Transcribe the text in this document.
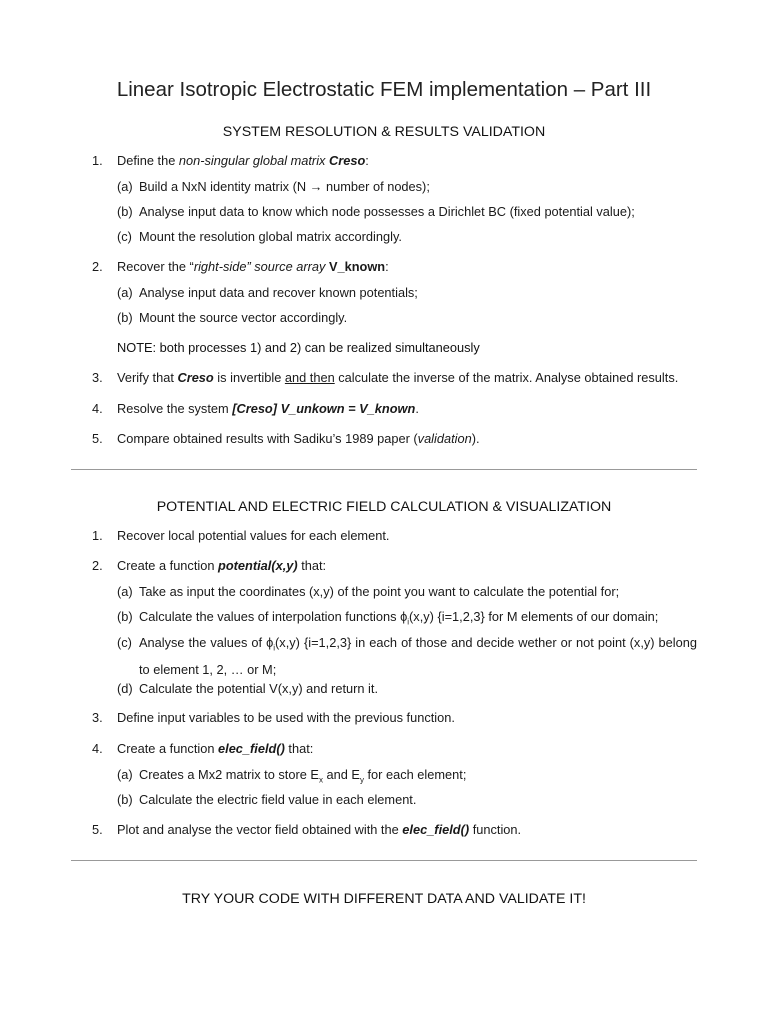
Linear Isotropic Electrostatic FEM implementation – Part III
SYSTEM RESOLUTION & RESULTS VALIDATION
1.	Define the non-singular global matrix Creso:
(a) Build a NxN identity matrix (N → number of nodes);
(b) Analyse input data to know which node possesses a Dirichlet BC (fixed potential value);
(c) Mount the resolution global matrix accordingly.
2.	Recover the “right-side” source array V_known:
(a) Analyse input data and recover known potentials;
(b) Mount the source vector accordingly.
NOTE: both processes 1) and 2) can be realized simultaneously
3.	Verify that Creso is invertible and then calculate the inverse of the matrix. Analyse obtained results.
4.	Resolve the system [Creso] V_unkown = V_known.
5.	Compare obtained results with Sadiku’s 1989 paper (validation).
POTENTIAL AND ELECTRIC FIELD CALCULATION & VISUALIZATION
1.	Recover local potential values for each element.
2.	Create a function potential(x,y) that:
(a) Take as input the coordinates (x,y) of the point you want to calculate the potential for;
(b) Calculate the values of interpolation functions $\phi_i(x,y)$ {i=1,2,3} for M elements of our domain;
(c) Analyse the values of $\phi_i(x,y)$ {i=1,2,3} in each of those and decide wether or not point (x,y) belong to element 1, 2, … or M;
(d) Calculate the potential V(x,y) and return it.
3.	Define input variables to be used with the previous function.
4.	Create a function elec_field() that:
(a) Creates a Mx2 matrix to store $E_x$ and $E_y$ for each element;
(b) Calculate the electric field value in each element.
5.	Plot and analyse the vector field obtained with the elec_field() function.
TRY YOUR CODE WITH DIFFERENT DATA AND VALIDATE IT!
